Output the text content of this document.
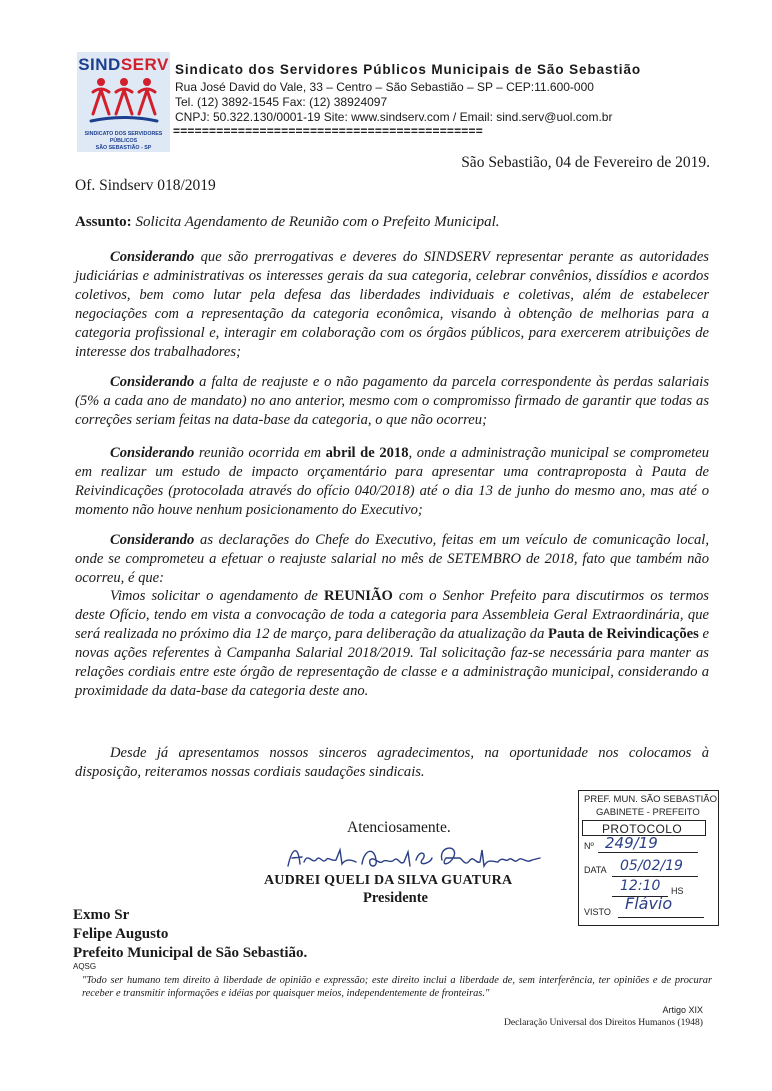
SINDSERV
SINDICATO DOS SERVIDORES PÚBLICOS
SÃO SEBASTIÃO - SP
Sindicato dos Servidores Públicos Municipais de São Sebastião
Rua José David do Vale, 33 – Centro – São Sebastião – SP – CEP:11.600-000
Tel. (12) 3892-1545 Fax: (12) 38924097
CNPJ: 50.322.130/0001-19 Site: www.sindserv.com / Email: sind.serv@uol.com.br
===========================================
São Sebastião, 04 de Fevereiro de 2019.
Of. Sindserv 018/2019
Assunto: Solicita Agendamento de Reunião com o Prefeito Municipal.
Considerando que são prerrogativas e deveres do SINDSERV representar perante as autoridades judiciárias e administrativas os interesses gerais da sua categoria, celebrar convênios, dissídios e acordos coletivos, bem como lutar pela defesa das liberdades individuais e coletivas, além de estabelecer negociações com a representação da categoria econômica, visando à obtenção de melhorias para a categoria profissional e, interagir em colaboração com os órgãos públicos, para exercerem atribuições de interesse dos trabalhadores;
Considerando a falta de reajuste e o não pagamento da parcela correspondente às perdas salariais (5% a cada ano de mandato) no ano anterior, mesmo com o compromisso firmado de garantir que todas as correções seriam feitas na data-base da categoria, o que não ocorreu;
Considerando reunião ocorrida em abril de 2018, onde a administração municipal se comprometeu em realizar um estudo de impacto orçamentário para apresentar uma contraproposta à Pauta de Reivindicações (protocolada através do ofício 040/2018) até o dia 13 de junho do mesmo ano, mas até o momento não houve nenhum posicionamento do Executivo;
Considerando as declarações do Chefe do Executivo, feitas em um veículo de comunicação local, onde se comprometeu a efetuar o reajuste salarial no mês de SETEMBRO de 2018, fato que também não ocorreu, é que:
Vimos solicitar o agendamento de REUNIÃO com o Senhor Prefeito para discutirmos os termos deste Ofício, tendo em vista a convocação de toda a categoria para Assembleia Geral Extraordinária, que será realizada no próximo dia 12 de março, para deliberação da atualização da Pauta de Reivindicações e novas ações referentes à Campanha Salarial 2018/2019. Tal solicitação faz-se necessária para manter as relações cordiais entre este órgão de representação de classe e a administração municipal, considerando a proximidade da data-base da categoria deste ano.
Desde já apresentamos nossos sinceros agradecimentos, na oportunidade nos colocamos à disposição, reiteramos nossas cordiais saudações sindicais.
Atenciosamente.
AUDREI QUELI DA SILVA GUATURA
Presidente
PREF. MUN. SÃO SEBASTIÃO
GABINETE - PREFEITO
PROTOCOLO
Nº 249/19
DATA 05/02/19
12:10 HS
VISTO Flávio
Exmo Sr
Felipe Augusto
Prefeito Municipal de São Sebastião.
AQSG
"Todo ser humano tem direito à liberdade de opinião e expressão; este direito inclui a liberdade de, sem interferência, ter opiniões e de procurar receber e transmitir informações e idéias por quaisquer meios, independentemente de fronteiras."
Artigo XIX
Declaração Universal dos Direitos Humanos (1948)
